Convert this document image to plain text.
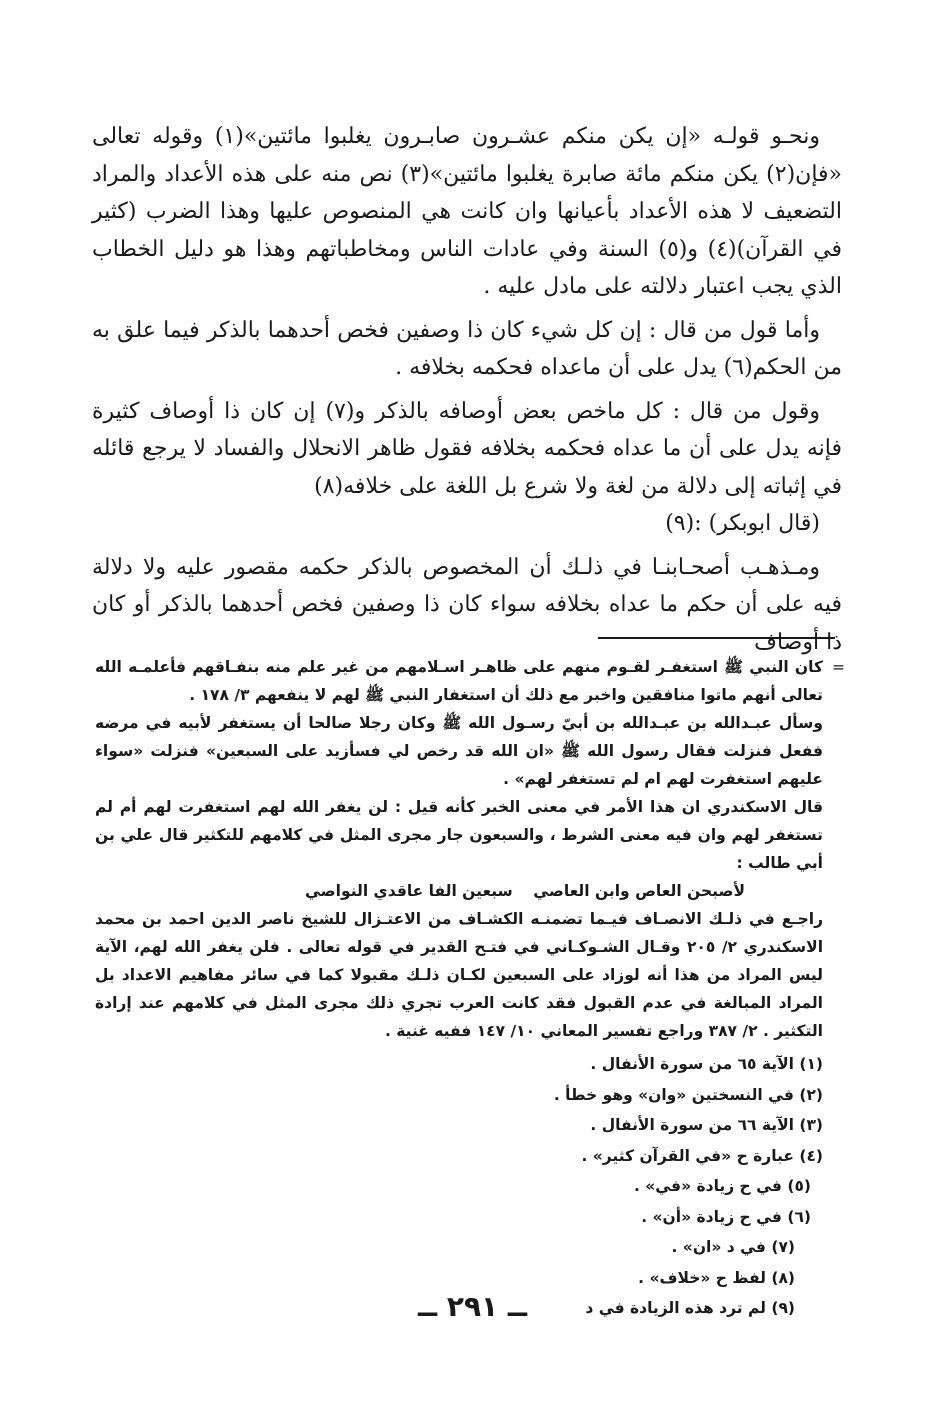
ونحـو قولـه «إن يكن منكم عشـرون صابـرون يغلبوا مائتين»(١) وقوله تعالى «فإن(٢) يكن منكم مائة صابرة يغلبوا مائتين»(٣) نص منه على هذه الأعداد والمراد التضعيف لا هذه الأعداد بأعيانها وان كانت هي المنصوص عليها وهذا الضرب (كثير في القرآن)(٤) و(٥) السنة وفي عادات الناس ومخاطباتهم وهذا هو دليل الخطاب الذي يجب اعتبار دلالته على مادل عليه .

وأما قول من قال : إن كل شيء كان ذا وصفين فخص أحدهما بالذكر فيما علق به من الحكم(٦) يدل على أن ماعداه فحكمه بخلافه .

وقول من قال : كل ماخص بعض أوصافه بالذكر و(٧) إن كان ذا أوصاف كثيرة فإنه يدل على أن ما عداه فحكمه بخلافه فقول ظاهر الانحلال والفساد لا يرجع قائله في إثباته إلى دلالة من لغة ولا شرع بل اللغة على خلافه(٨)

(قال ابوبكر) :(٩)

ومـذهـب أصحـابنـا في ذلـك أن المخصوص بالذكر حكمه مقصور عليه ولا دلالة فيه على أن حكم ما عداه بخلافه سواء كان ذا وصفين فخص أحدهما بالذكر أو كان ذا أوصاف

=
كان النبي ﷺ استغفـر لقـوم منهم على ظاهـر اسـلامهم من غير علم منه بنفـاقهم فأعلمـه الله تعالى أنهم ماتوا منافقين واخبر مع ذلك أن استغفار النبي ﷺ لهم لا ينفعهم ٣/ ١٧٨ .

وسأل عبـدالله بن عبـدالله بن أبيّ رسـول الله ﷺ وكان رجلا صالحا أن يستغفر لأبيه في مرضه ففعل فنزلت فقال رسول الله ﷺ «ان الله قد رخص لي فسأزيد على السبعين» فنزلت «سواء عليهم استغفرت لهم ام لم تستغفر لهم» .

قال الاسكندري ان هذا الأمر في معنى الخبر كأنه قيل : لن يغفر الله لهم استغفرت لهم أم لم تستغفر لهم وان فيه معنى الشرط ، والسبعون جار مجرى المثل في كلامهم للتكثير قال علي بن أبي طالب :

لأصبحن العاص وابن العاصي
سبعين الفا عاقدي النواصي

راجـع في ذلـك الانصـاف فيـما تضمنـه الكشـاف من الاعتـزال للشيخ ناصر الدين احمد بن محمد الاسكندري ٢/ ٢٠٥ وقـال الشـوكـاني في فتـح القدير في قوله تعالى . فلن يغفر الله لهم، الآية ليس المراد من هذا أنه لوزاد على السبعين لكـان ذلـك مقبولا كما في سائر مفاهيم الاعداد بل المراد المبالغة في عدم القبول فقد كانت العرب تجري ذلك مجرى المثل في كلامهم عند إرادة التكثير . ٢/ ٣٨٧ وراجع تفسير المعاني ١٠/ ١٤٧ ففيه غنية .

(١) الآية ٦٥ من سورة الأنفال .
(٢) في النسختين «وان» وهو خطأ .
(٣) الآية ٦٦ من سورة الأنفال .
(٤) عبارة ح «في القرآن كثير» .
(٥) في ح زيادة «في» .
(٦) في ح زيادة «أن» .
(٧) في د «ان» .
(٨) لفظ ح «خلاف» .
(٩) لم ترد هذه الزيادة في د
ــ ٢٩١ ــ
